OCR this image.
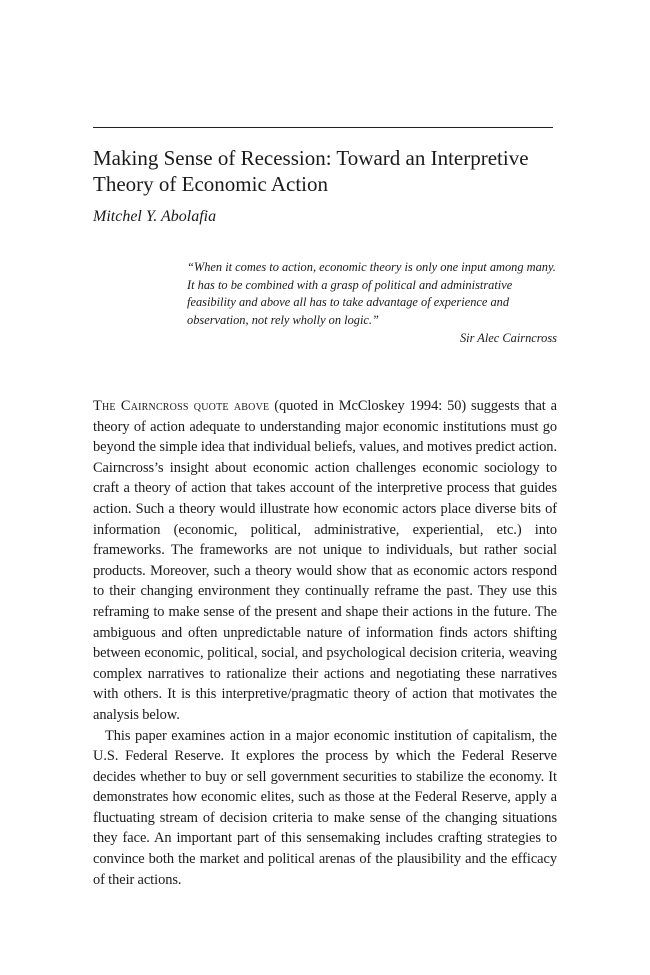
Making Sense of Recession: Toward an Interpretive Theory of Economic Action

Mitchel Y. Abolafia

“When it comes to action, economic theory is only one input among many. It has to be combined with a grasp of political and administrative feasibility and above all has to take advantage of experience and observation, not rely wholly on logic.”

Sir Alec Cairncross

The Cairncross quote above (quoted in McCloskey 1994: 50) suggests that a theory of action adequate to understanding major economic institutions must go beyond the simple idea that individual beliefs, values, and motives predict action. Cairncross’s insight about economic action challenges economic sociology to craft a theory of action that takes account of the interpretive process that guides action. Such a theory would illustrate how economic actors place diverse bits of information (economic, political, administrative, experiential, etc.) into frameworks. The frameworks are not unique to individuals, but rather social products. Moreover, such a theory would show that as economic actors respond to their changing environment they continually reframe the past. They use this reframing to make sense of the present and shape their actions in the future. The ambiguous and often unpredictable nature of information finds actors shifting between economic, political, social, and psychological decision criteria, weaving complex narratives to rationalize their actions and negotiating these narratives with others. It is this interpretive/pragmatic theory of action that motivates the analysis below.

This paper examines action in a major economic institution of capitalism, the U.S. Federal Reserve. It explores the process by which the Federal Reserve decides whether to buy or sell government securities to stabilize the economy. It demonstrates how economic elites, such as those at the Federal Reserve, apply a fluctuating stream of decision criteria to make sense of the changing situations they face. An important part of this sensemaking includes crafting strategies to convince both the market and political arenas of the plausibility and the efficacy of their actions.
